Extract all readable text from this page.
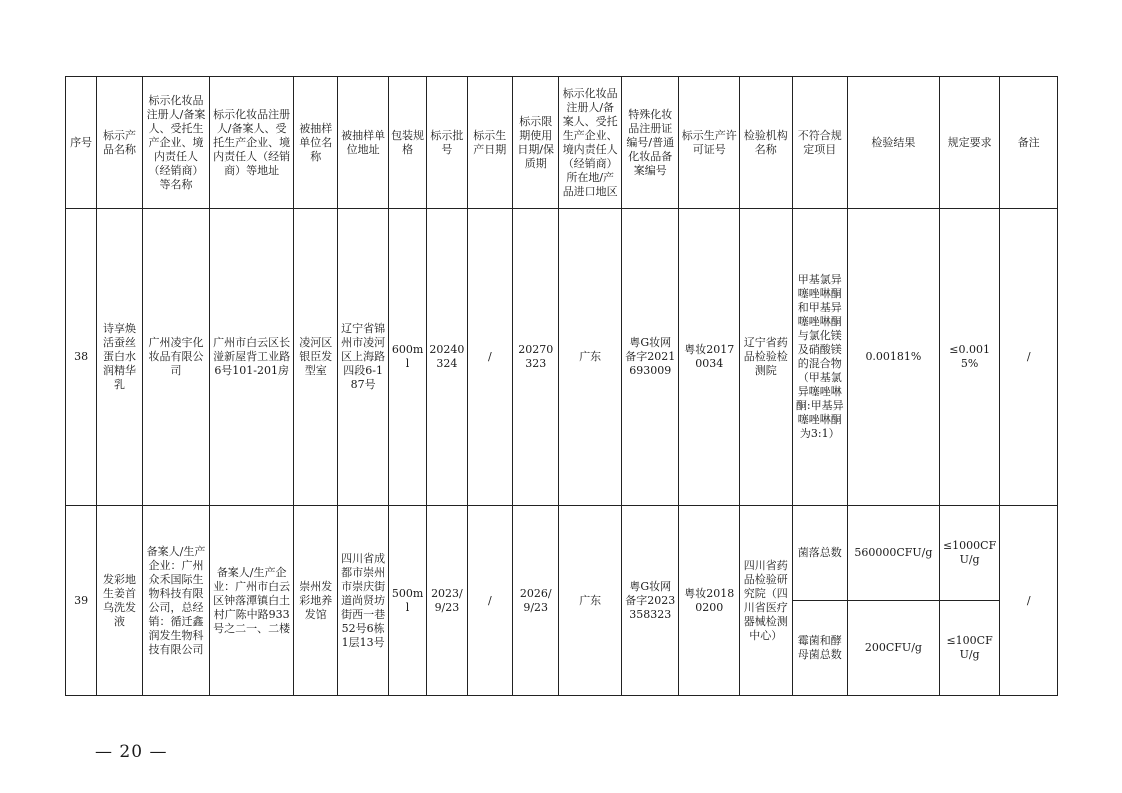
序号	标示产品名称	标示化妆品注册人/备案人、受托生产企业、境内责任人（经销商）等名称	标示化妆品注册人/备案人、受托生产企业、境内责任人（经销商）等地址	被抽样单位名称	被抽样单位地址	包装规格	标示批号	标示生产日期	标示限期使用日期/保质期	标示化妆品注册人/备案人、受托生产企业、境内责任人（经销商）所在地/产品进口地区	特殊化妆品注册证编号/普通化妆品备案编号	标示生产许可证号	检验机构名称	不符合规定项目	检验结果	规定要求	备注
38	诗享焕活蚕丝蛋白水润精华乳	广州凌宇化妆品有限公司	广州市白云区长湴新屋背工业路6号101-201房	凌河区银臣发型室	辽宁省锦州市凌河区上海路四段6-187号	600ml	20240324	/	20270323	广东	粤G妆网备字2021693009	粤妆20170034	辽宁省药品检验检测院	甲基氯异噻唑啉酮和甲基异噻唑啉酮与氯化镁及硝酸镁的混合物（甲基氯异噻唑啉酮:甲基异噻唑啉酮为3:1）	0.00181%	≤0.0015%	/
39	发彩地生姜首乌洗发液	备案人/生产企业：广州众禾国际生物科技有限公司，总经销：循迁鑫润发生物科技有限公司	备案人/生产企业：广州市白云区钟落潭镇白土村广陈中路933号之二一、二楼	崇州发彩地养发馆	四川省成都市崇州市崇庆街道尚贤坊街西一巷52号6栋1层13号	500ml	2023/9/23	/	2026/9/23	广东	粤G妆网备字2023358323	粤妆20180200	四川省药品检验研究院（四川省医疗器械检测中心）	菌落总数	560000CFU/g	≤1000CFU/g	/
														霉菌和酵母菌总数	200CFU/g	≤100CFU/g	
— 20 —
